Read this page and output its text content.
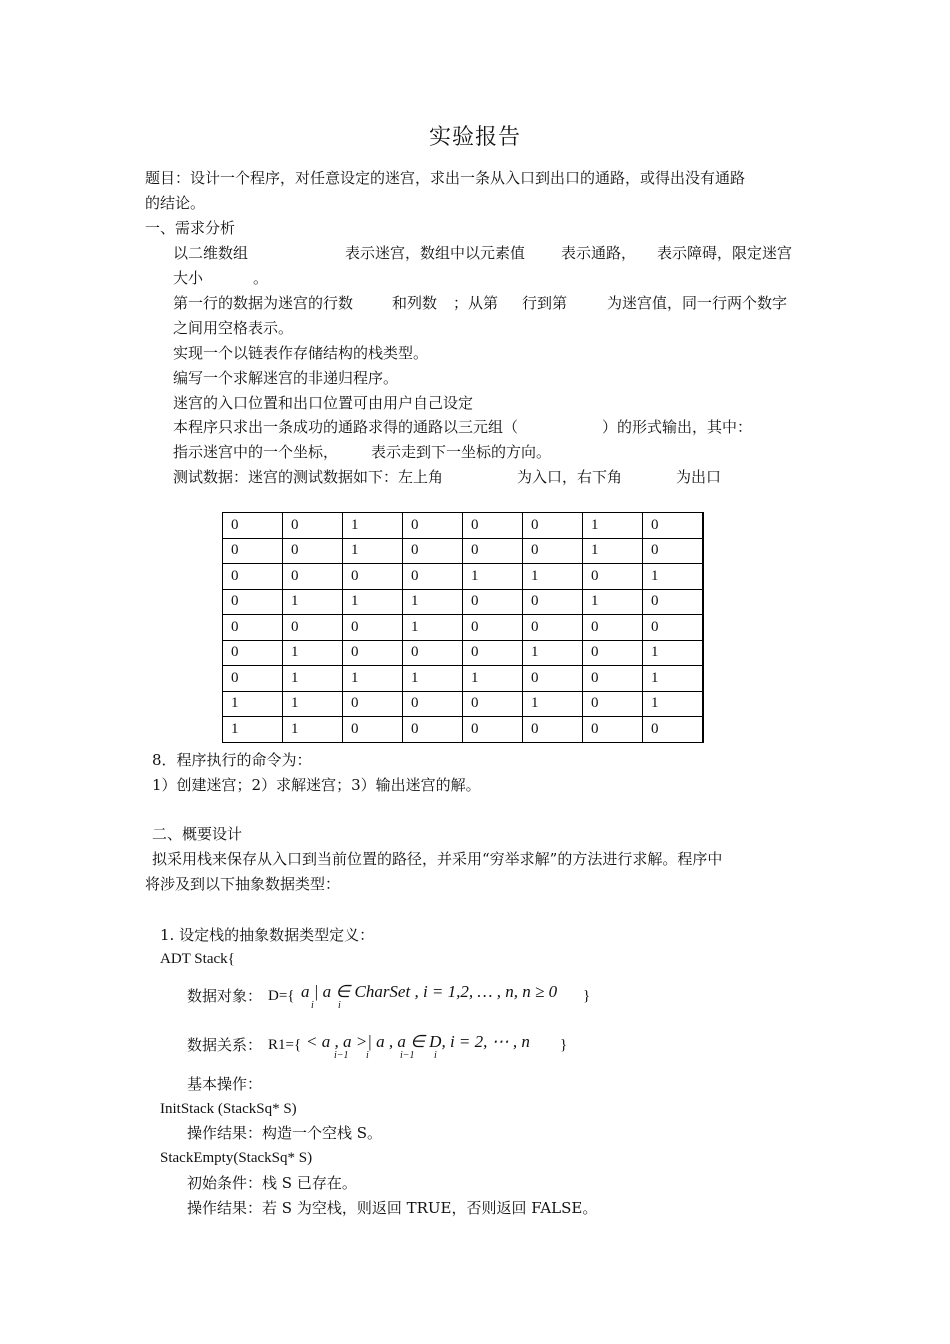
实验报告
题目：设计一个程序，对任意设定的迷宫，求出一条从入口到出口的通路，或得出没有通路
的结论。
一、需求分析
以二维数组	表示迷宫，数组中以元素值 表示通路， 表示障碍，限定迷宫
大小	。
第一行的数据为迷宫的行数	和列数 ；从第 行到第	为迷宫值，同一行两个数字
之间用空格表示。
实现一个以链表作存储结构的栈类型。
编写一个求解迷宫的非递归程序。
迷宫的入口位置和出口位置可由用户自己设定
本程序只求出一条成功的通路求得的通路以三元组（	）的形式输出，其中：
指示迷宫中的一个坐标， 表示走到下一坐标的方向。
测试数据：迷宫的测试数据如下：左上角	为入口，右下角	为出口
0	0	1	0	0	0	1	0
0	0	1	0	0	0	1	0
0	0	0	0	1	1	0	1
0	1	1	1	0	0	1	0
0	0	0	1	0	0	0	0
0	1	0	0	0	1	0	1
0	1	1	1	1	0	0	1
1	1	0	0	0	1	0	1
1	1	0	0	0	0	0	0
8．程序执行的命令为：
1）创建迷宫；2）求解迷宫；3）输出迷宫的解。
二、概要设计
拟采用栈来保存从入口到当前位置的路径，并采用“穷举求解”的方法进行求解。程序中
将涉及到以下抽象数据类型：
1. 设定栈的抽象数据类型定义：
ADT Stack{
数据对象： D={ a | a ∈ CharSet , i = 1,2, … , n, n ≥ 0
i i
}
数据关系： R1={ < a , a >| a , a ∈ D, i = 2, ⋯ , n
i−1 i	i−1 i
}
基本操作：
InitStack (StackSq* S)
操作结果：构造一个空栈 S。
StackEmpty(StackSq* S)
初始条件：栈 S 已存在。
操作结果：若 S 为空栈，则返回 TRUE，否则返回 FALSE。
